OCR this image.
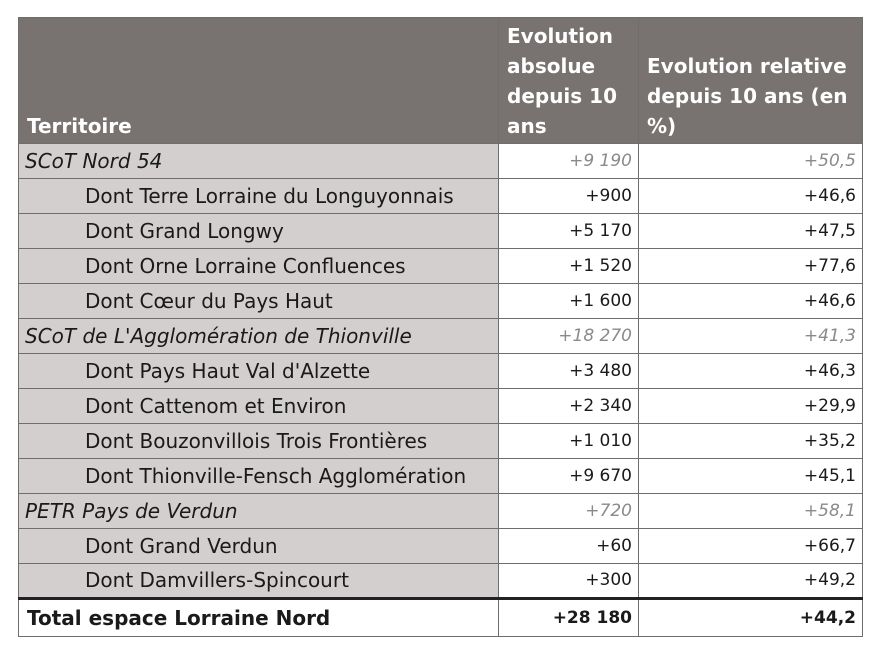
Territoire	Evolution absolue depuis 10 ans	Evolution relative depuis 10 ans (en %)
SCoT Nord 54	+9 190	+50,5
Dont Terre Lorraine du Longuyonnais	+900	+46,6
Dont Grand Longwy	+5 170	+47,5
Dont Orne Lorraine Confluences	+1 520	+77,6
Dont Cœur du Pays Haut	+1 600	+46,6
SCoT de L'Agglomération de Thionville	+18 270	+41,3
Dont Pays Haut Val d'Alzette	+3 480	+46,3
Dont Cattenom et Environ	+2 340	+29,9
Dont Bouzonvillois Trois Frontières	+1 010	+35,2
Dont Thionville-Fensch Agglomération	+9 670	+45,1
PETR Pays de Verdun	+720	+58,1
Dont Grand Verdun	+60	+66,7
Dont Damvillers-Spincourt	+300	+49,2
Total espace Lorraine Nord	+28 180	+44,2
